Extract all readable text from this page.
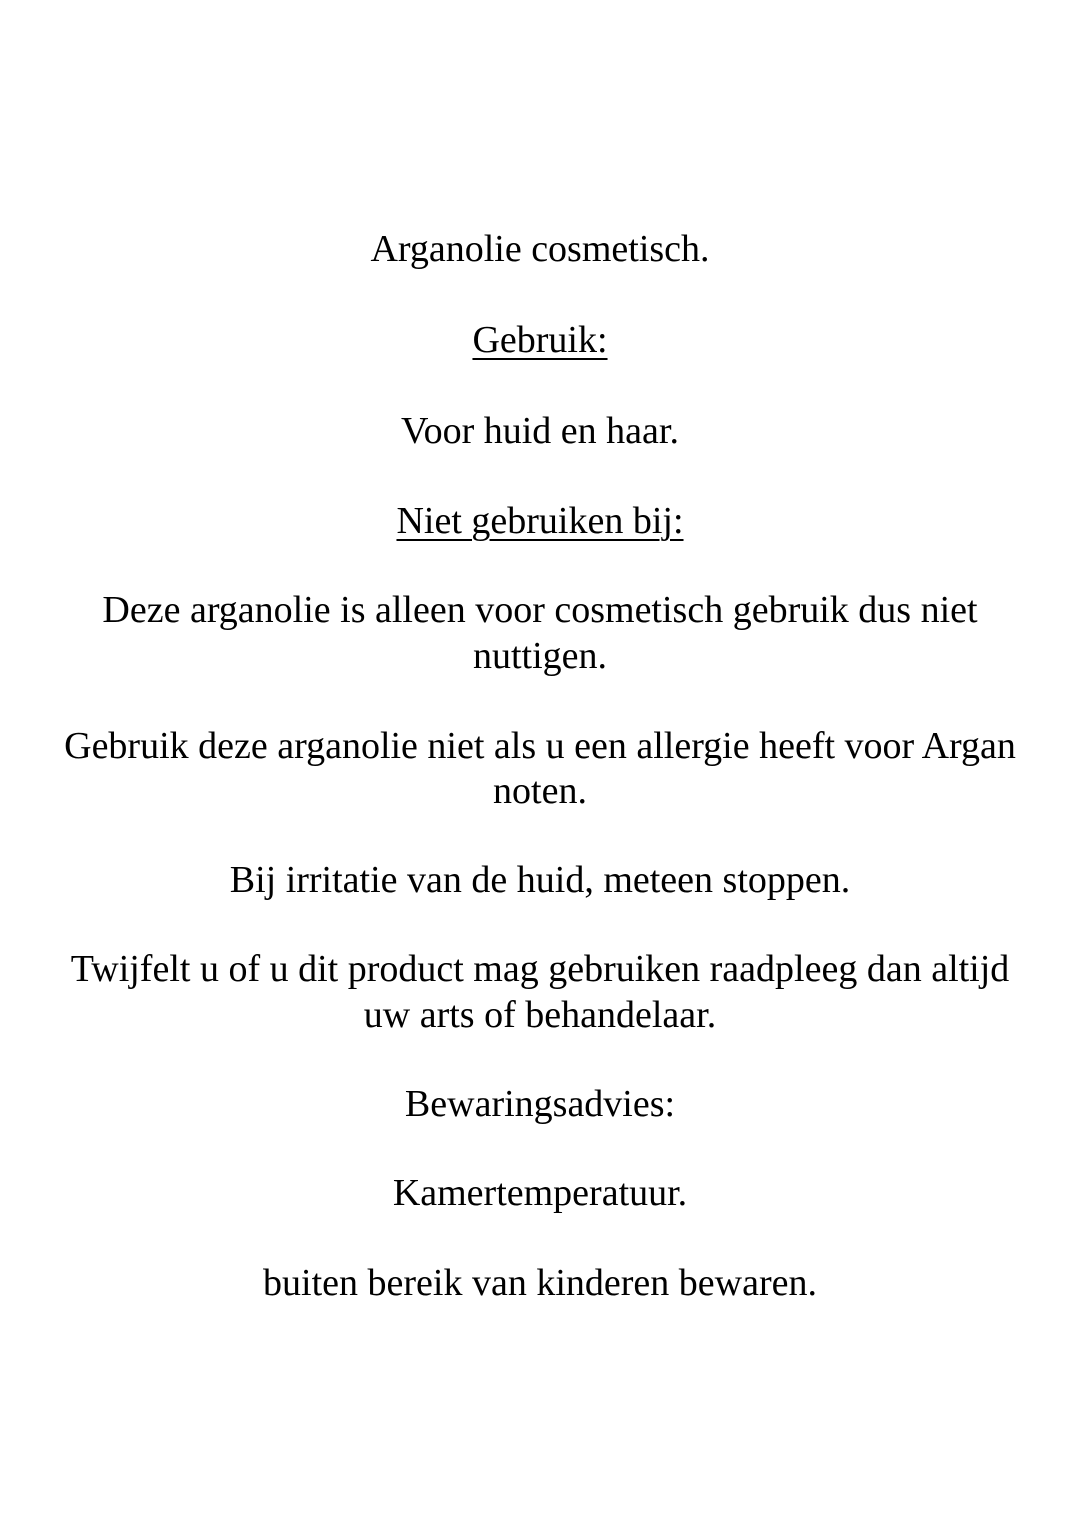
Arganolie cosmetisch.
Gebruik:
Voor huid en haar.
Niet gebruiken bij:
Deze arganolie is alleen voor cosmetisch gebruik dus niet
nuttigen.
Gebruik deze arganolie niet als u een allergie heeft voor Argan
noten.
Bij irritatie van de huid, meteen stoppen.
Twijfelt u of u dit product mag gebruiken raadpleeg dan altijd
uw arts of behandelaar.
Bewaringsadvies:
Kamertemperatuur.
buiten bereik van kinderen bewaren.
